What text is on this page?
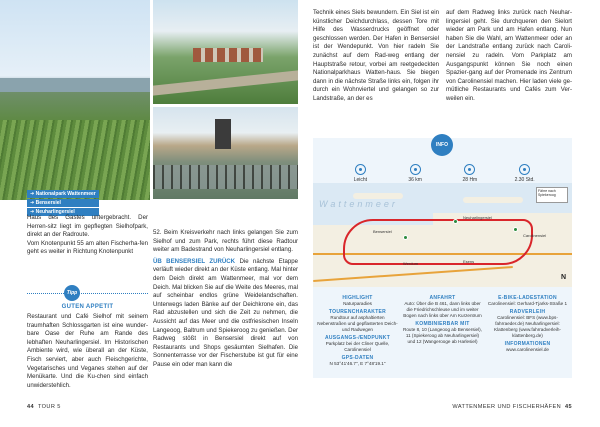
➜ Nationalpark Wattenmeer
➜ Bensersiel
➜ Neuharlingersiel

Haus des Gastes untergebracht. Der Herren-sitz liegt im gepflegten Sielhofpark, direkt an der Radroute.

Vom Knotenpunkt 55 am alten Fischerha-fen geht es weiter in Richtung Knotenpunkt

Tipp
GUTEN APPETIT
Restaurant und Café Sielhof mit seinem traumhaften Schlossgarten ist eine wunder-bare Oase der Ruhe am Rande des lebhaften Neuharlingersiel. Im Historischen Ambiente wird, wie überall an der Küste, Fisch serviert, aber auch Fleischgerichte, Vegetarisches und Veganes stehen auf der Menükarte. Und die Ku-chen sind einfach unwiderstehlich.

52. Beim Kreisverkehr nach links gelangen Sie zum Sielhof und zum Park, rechts führt diese Radtour weiter am Badestrand von Neuharlingersiel entlang.

ÜB BENSERSIEL ZURÜCK Die nächste Etappe verläuft wieder direkt an der Küste entlang. Mal hinter dem Deich direkt am Wattenmeer, mal vor dem Deich. Mal blicken Sie auf die Weite des Meeres, mal auf scheinbar endlos grüne Weidelandschaften. Unterwegs laden Bänke auf der Deichkrone ein, das Rad abzustellen und sich die Zeit zu nehmen, die Aussicht auf das Meer und die ostfriesischen Inseln Langeoog, Baltrum und Spiekeroog zu genießen. Der Radweg stößt in Bensersiel direkt auf von Restaurants und Shops gesäumten Sielhafen. Die Sonnenterrasse vor der Fischerstube ist gut für eine Pause ein oder man kann die

Technik eines Siels bewundern. Ein Siel ist ein künstlicher Deichdurchlass, dessen Tore mit Hilfe des Wasserdrucks geöffnet oder geschlossen werden. Der Hafen in Bensersiel ist der Wendepunkt. Von hier radeln Sie zunächst auf dem Rad-weg entlang der Hauptstraße retour, vorbei am reetgedeckten Nationalparkhaus Watten-haus. Sie biegen dann in die nächste Straße links ein, folgen ihr durch ein Wohnviertel und gelangen so zur Landstraße, an der es
auf dem Radweg links zurück nach Neuhar-lingersiel geht. Sie durchqueren den Sielort wieder am Park und am Hafen entlang. Nun haben Sie die Wahl, am Wattenmeer oder an der Landstraße entlang zurück nach Caroli-nensiel zu radeln. Vom Parkplatz am Ausgangspunkt können Sie noch einen Spazier-gang auf der Promenade ins Zentrum von Carolinensiel machen. Hier laden viele ge-mütliche Restaurants und Cafés zum Ver-weilen ein.
INFO
Leicht	36 km	28 Hm	2.30 Std.
Wattenmeer
Neuharlingersiel
Bensersiel
Carolinensiel
Esens
Werdum
Fähre nach Spiekeroog
N
HIGHLIGHT
Naturparadies
TOURENCHARAKTER
Rundtour auf asphaltierten Nebenstraßen und gepflasterten Deich- und Radwegen
AUSGANGS-/ENDPUNKT
Parkplatz bei der Cliner Quelle, Carolinensiel
GPS-DATEN
N 53°41'46.7", E 7°48'19.1"
ANFAHRT
Auto: Über die B 461, dann links über die Friedrichschleuse und im weiter Bogen nach links über Am Kurzentrum
KOMBINIERBAR MIT
Route 8, 10 (Langeoog ab Bensersiel), 11 (Spiekeroog ab Neuharlingersiel) und 12 (Wangerooge ab Harlesiel)
E-BIKE-LADESTATION
Carolinensiel: Gerhard-Tjarks-Straße 1
RADVERLEIH
Carolinensiel: BFS (www.bps-fahrraeder.de) Neuharlingersiel: Klattenberg (www.fahrradverleih-klattenberg.de)
INFORMATIONEN
www.carolinensiel.de
44 TOUR 5	WATTENMEER UND FISCHERHÄFEN 45
